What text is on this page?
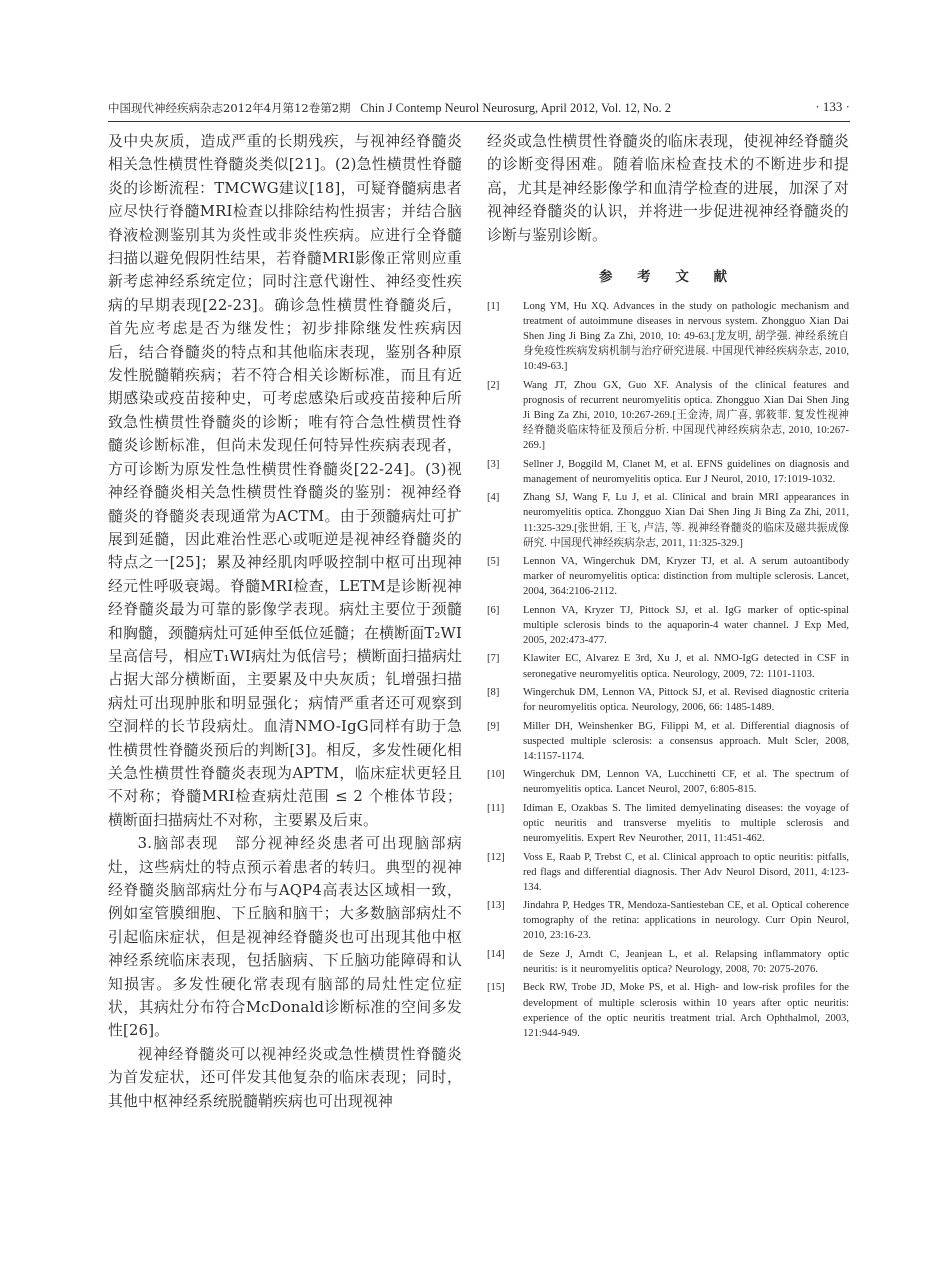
中国现代神经疾病杂志2012年4月第12卷第2期 Chin J Contemp Neurol Neurosurg, April 2012, Vol. 12, No. 2	· 133 ·

及中央灰质，造成严重的长期残疾，与视神经脊髓炎相关急性横贯性脊髓炎类似[21]。(2)急性横贯性脊髓炎的诊断流程：TMCWG建议[18]，可疑脊髓病患者应尽快行脊髓MRI检查以排除结构性损害；并结合脑脊液检测鉴别其为炎性或非炎性疾病。应进行全脊髓扫描以避免假阴性结果，若脊髓MRI影像正常则应重新考虑神经系统定位；同时注意代谢性、神经变性疾病的早期表现[22-23]。确诊急性横贯性脊髓炎后，首先应考虑是否为继发性；初步排除继发性疾病因后，结合脊髓炎的特点和其他临床表现，鉴别各种原发性脱髓鞘疾病；若不符合相关诊断标准，而且有近期感染或疫苗接种史，可考虑感染后或疫苗接种后所致急性横贯性脊髓炎的诊断；唯有符合急性横贯性脊髓炎诊断标准，但尚未发现任何特异性疾病表现者，方可诊断为原发性急性横贯性脊髓炎[22-24]。(3)视神经脊髓炎相关急性横贯性脊髓炎的鉴别：视神经脊髓炎的脊髓炎表现通常为ACTM。由于颈髓病灶可扩展到延髓，因此难治性恶心或呃逆是视神经脊髓炎的特点之一[25]；累及神经肌肉呼吸控制中枢可出现神经元性呼吸衰竭。脊髓MRI检查，LETM是诊断视神经脊髓炎最为可靠的影像学表现。病灶主要位于颈髓和胸髓，颈髓病灶可延伸至低位延髓；在横断面T₂WI呈高信号，相应T₁WI病灶为低信号；横断面扫描病灶占据大部分横断面，主要累及中央灰质；钆增强扫描病灶可出现肿胀和明显强化；病情严重者还可观察到空洞样的长节段病灶。血清NMO-IgG同样有助于急性横贯性脊髓炎预后的判断[3]。相反，多发性硬化相关急性横贯性脊髓炎表现为APTM，临床症状更轻且不对称；脊髓MRI检查病灶范围 ≤ 2 个椎体节段；横断面扫描病灶不对称，主要累及后束。

3.脑部表现　部分视神经炎患者可出现脑部病灶，这些病灶的特点预示着患者的转归。典型的视神经脊髓炎脑部病灶分布与AQP4高表达区域相一致，例如室管膜细胞、下丘脑和脑干；大多数脑部病灶不引起临床症状，但是视神经脊髓炎也可出现其他中枢神经系统临床表现，包括脑病、下丘脑功能障碍和认知损害。多发性硬化常表现有脑部的局灶性定位症状，其病灶分布符合McDonald诊断标准的空间多发性[26]。

视神经脊髓炎可以视神经炎或急性横贯性脊髓炎为首发症状，还可伴发其他复杂的临床表现；同时，其他中枢神经系统脱髓鞘疾病也可出现视神

经炎或急性横贯性脊髓炎的临床表现，使视神经脊髓炎的诊断变得困难。随着临床检查技术的不断进步和提高，尤其是神经影像学和血清学检查的进展，加深了对视神经脊髓炎的认识，并将进一步促进视神经脊髓炎的诊断与鉴别诊断。

参 考 文 献
[1]	Long YM, Hu XQ. Advances in the study on pathologic mechanism and treatment of autoimmune diseases in nervous system. Zhongguo Xian Dai Shen Jing Ji Bing Za Zhi, 2010, 10: 49-63.[龙友明, 胡学强. 神经系统自身免疫性疾病发病机制与治疗研究进展. 中国现代神经疾病杂志, 2010, 10:49-63.]
[2]	Wang JT, Zhou GX, Guo XF. Analysis of the clinical features and prognosis of recurrent neuromyelitis optica. Zhongguo Xian Dai Shen Jing Ji Bing Za Zhi, 2010, 10:267-269.[王金涛, 周广喜, 郭筱菲. 复发性视神经脊髓炎临床特征及预后分析. 中国现代神经疾病杂志, 2010, 10:267-269.]
[3]	Sellner J, Boggild M, Clanet M, et al. EFNS guidelines on diagnosis and management of neuromyelitis optica. Eur J Neurol, 2010, 17:1019-1032.
[4]	Zhang SJ, Wang F, Lu J, et al. Clinical and brain MRI appearances in neuromyelitis optica. Zhongguo Xian Dai Shen Jing Ji Bing Za Zhi, 2011, 11:325-329.[张世娟, 王飞, 卢洁, 等. 视神经脊髓炎的临床及磁共振成像研究. 中国现代神经疾病杂志, 2011, 11:325-329.]
[5]	Lennon VA, Wingerchuk DM, Kryzer TJ, et al. A serum autoantibody marker of neuromyelitis optica: distinction from multiple sclerosis. Lancet, 2004, 364:2106-2112.
[6]	Lennon VA, Kryzer TJ, Pittock SJ, et al. IgG marker of optic-spinal multiple sclerosis binds to the aquaporin-4 water channel. J Exp Med, 2005, 202:473-477.
[7]	Klawiter EC, Alvarez E 3rd, Xu J, et al. NMO-IgG detected in CSF in seronegative neuromyelitis optica. Neurology, 2009, 72: 1101-1103.
[8]	Wingerchuk DM, Lennon VA, Pittock SJ, et al. Revised diagnostic criteria for neuromyelitis optica. Neurology, 2006, 66: 1485-1489.
[9]	Miller DH, Weinshenker BG, Filippi M, et al. Differential diagnosis of suspected multiple sclerosis: a consensus approach. Mult Scler, 2008, 14:1157-1174.
[10]	Wingerchuk DM, Lennon VA, Lucchinetti CF, et al. The spectrum of neuromyelitis optica. Lancet Neurol, 2007, 6:805-815.
[11]	Idiman E, Ozakbas S. The limited demyelinating diseases: the voyage of optic neuritis and transverse myelitis to multiple sclerosis and neuromyelitis. Expert Rev Neurother, 2011, 11:451-462.
[12]	Voss E, Raab P, Trebst C, et al. Clinical approach to optic neuritis: pitfalls, red flags and differential diagnosis. Ther Adv Neurol Disord, 2011, 4:123-134.
[13]	Jindahra P, Hedges TR, Mendoza-Santiesteban CE, et al. Optical coherence tomography of the retina: applications in neurology. Curr Opin Neurol, 2010, 23:16-23.
[14]	de Seze J, Arndt C, Jeanjean L, et al. Relapsing inflammatory optic neuritis: is it neuromyelitis optica? Neurology, 2008, 70: 2075-2076.
[15]	Beck RW, Trobe JD, Moke PS, et al. High- and low-risk profiles for the development of multiple sclerosis within 10 years after optic neuritis: experience of the optic neuritis treatment trial. Arch Ophthalmol, 2003, 121:944-949.
